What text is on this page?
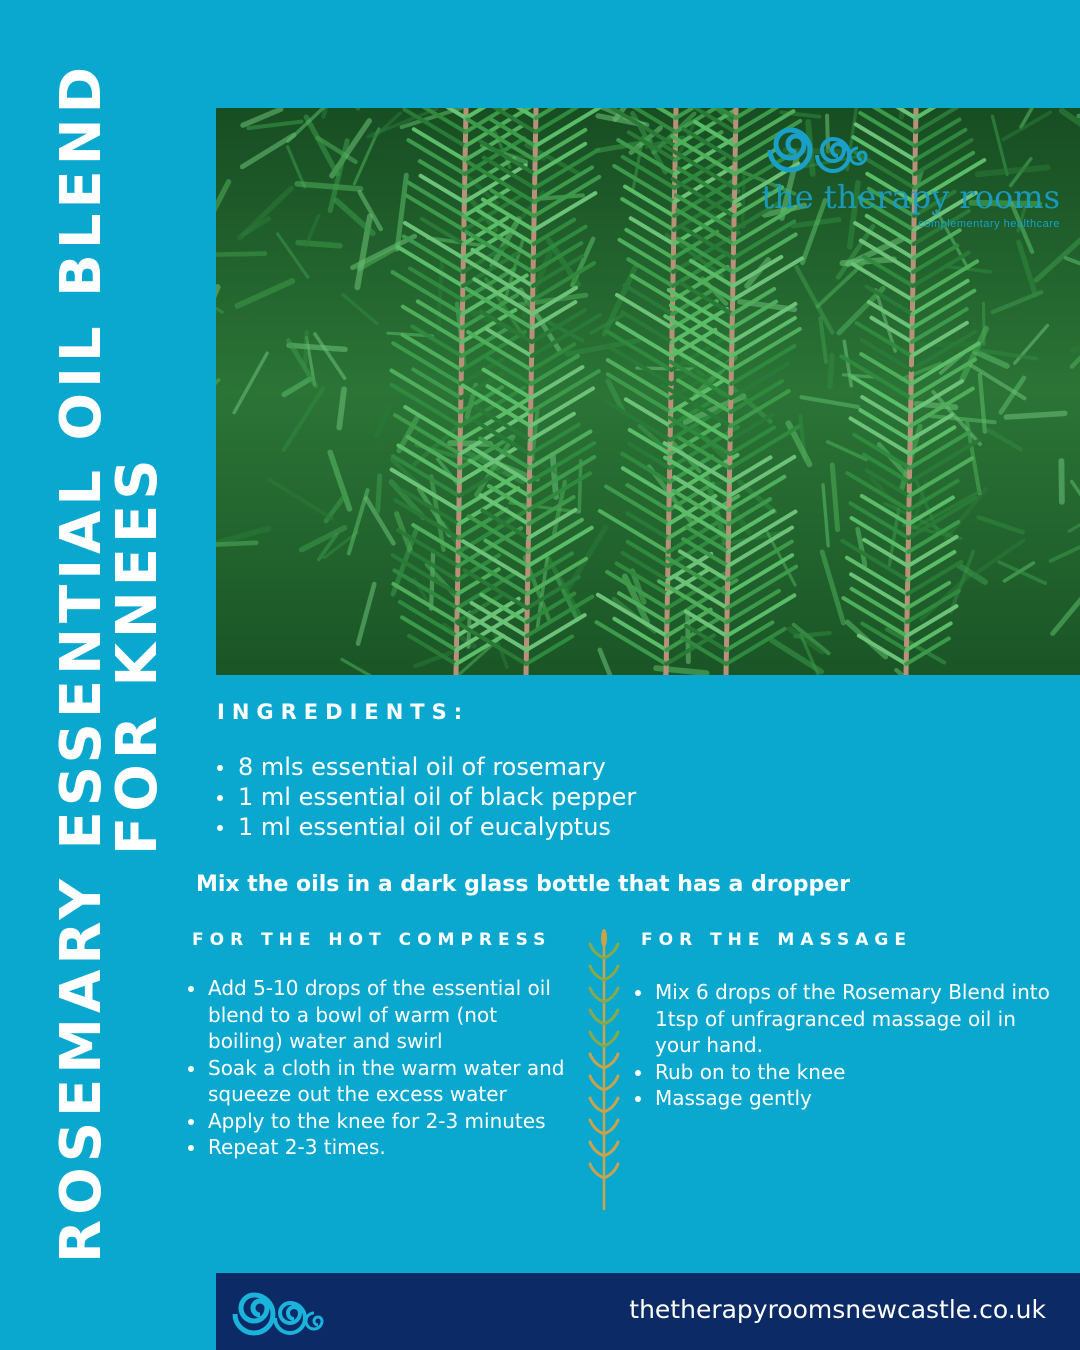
ROSEMARY ESSENTIAL OIL BLEND
FOR KNEES
the therapy rooms
complementary healthcare
INGREDIENTS:
8 mls essential oil of rosemary
1 ml essential oil of black pepper
1 ml essential oil of eucalyptus
Mix the oils in a dark glass bottle that has a dropper
FOR THE HOT COMPRESS
Add 5-10 drops of the essential oil blend to a bowl of warm (not boiling) water and swirl
Soak a cloth in the warm water and squeeze out the excess water
Apply to the knee for 2-3 minutes
Repeat 2-3 times.
FOR THE MASSAGE
Mix 6 drops of the Rosemary Blend into 1tsp of unfragranced massage oil in your hand.
Rub on to the knee
Massage gently
thetherapyroomsnewcastle.co.uk
